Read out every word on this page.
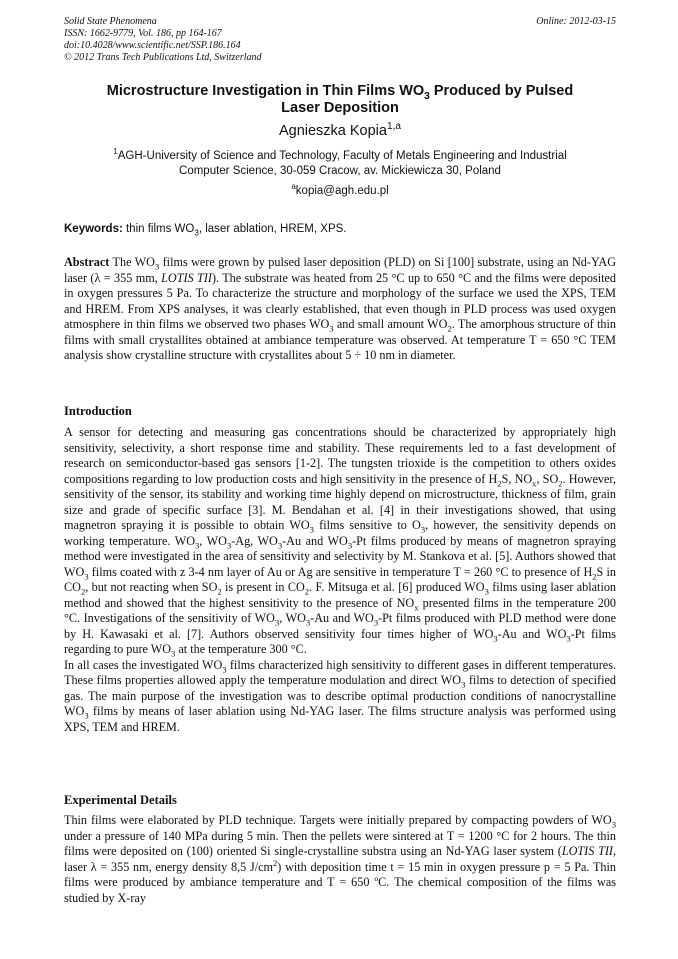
Solid State Phenomena
ISSN: 1662-9779, Vol. 186, pp 164-167
doi:10.4028/www.scientific.net/SSP.186.164
© 2012 Trans Tech Publications Ltd, Switzerland
Online: 2012-03-15
Microstructure Investigation in Thin Films $WO_3$ Produced by Pulsed
Laser Deposition
Agnieszka Kopia$^{1,a}$
$^1$AGH-University of Science and Technology, Faculty of Metals Engineering and Industrial
Computer Science, 30-059 Cracow, av. Mickiewicza 30, Poland
$^a$kopia@agh.edu.pl
Keywords: thin films $WO_3$, laser ablation, HREM, XPS.

Abstract The $WO_3$ films were grown by pulsed laser deposition (PLD) on Si [100] substrate, using an Nd-YAG laser (λ = 355 mm, LOTIS TII). The substrate was heated from 25 °C up to 650 °C and the films were deposited in oxygen pressures 5 Pa. To characterize the structure and morphology of the surface we used the XPS, TEM and HREM. From XPS analyses, it was clearly established, that even though in PLD process was used oxygen atmosphere in thin films we observed two phases $WO_3$ and small amount $WO_2$. The amorphous structure of thin films with small crystallites obtained at ambiance temperature was observed. At temperature T = 650 °C TEM analysis show crystalline structure with crystallites about 5 ÷ 10 nm in diameter.

Introduction

A sensor for detecting and measuring gas concentrations should be characterized by appropriately high sensitivity, selectivity, a short response time and stability. These requirements led to a fast development of research on semiconductor-based gas sensors [1-2]. The tungsten trioxide is the competition to others oxides compositions regarding to low production costs and high sensitivity in the presence of $H_2S$, $NO_x$, $SO_2$. However, sensitivity of the sensor, its stability and working time highly depend on microstructure, thickness of film, grain size and grade of specific surface [3]. M. Bendahan et al. [4] in their investigations showed, that using magnetron spraying it is possible to obtain $WO_3$ films sensitive to $O_3$, however, the sensitivity depends on working temperature. $WO_3$, $WO_3-Ag$, $WO_3-Au$ and $WO_3-Pt$ films produced by means of magnetron spraying method were investigated in the area of sensitivity and selectivity by M. Stankova et al. [5]. Authors showed that $WO_3$ films coated with z 3-4 nm layer of Au or Ag are sensitive in temperature T = 260 °C to presence of $H_2S$ in $CO_2$, but not reacting when $SO_2$ is present in $CO_2$. F. Mitsuga et al. [6] produced $WO_3$ films using laser ablation method and showed that the highest sensitivity to the presence of $NO_x$ presented films in the temperature 200 °C. Investigations of the sensitivity of $WO_3$, $WO_3-Au$ and $WO_3-Pt$ films produced with PLD method were done by H. Kawasaki et al. [7]. Authors observed sensitivity four times higher of $WO_3-Au$ and $WO_3-Pt$ films regarding to pure $WO_3$ at the temperature 300 °C.

In all cases the investigated $WO_3$ films characterized high sensitivity to different gases in different temperatures. These films properties allowed apply the temperature modulation and direct $WO_3$ films to detection of specified gas. The main purpose of the investigation was to describe optimal production conditions of nanocrystalline $WO_3$ films by means of laser ablation using Nd-YAG laser. The films structure analysis was performed using XPS, TEM and HREM.

Experimental Details

Thin films were elaborated by PLD technique. Targets were initially prepared by compacting powders of $WO_3$ under a pressure of 140 MPa during 5 min. Then the pellets were sintered at T = 1200 °C for 2 hours. The thin films were deposited on (100) oriented Si single-crystalline substra using an Nd-YAG laser system (LOTIS TII, laser λ = 355 nm, energy density 8,5 $J/cm^2$) with deposition time t = 15 min in oxygen pressure p = 5 Pa. Thin films were produced by ambiance temperature and T = 650 ºC. The chemical composition of the films was studied by X-ray
